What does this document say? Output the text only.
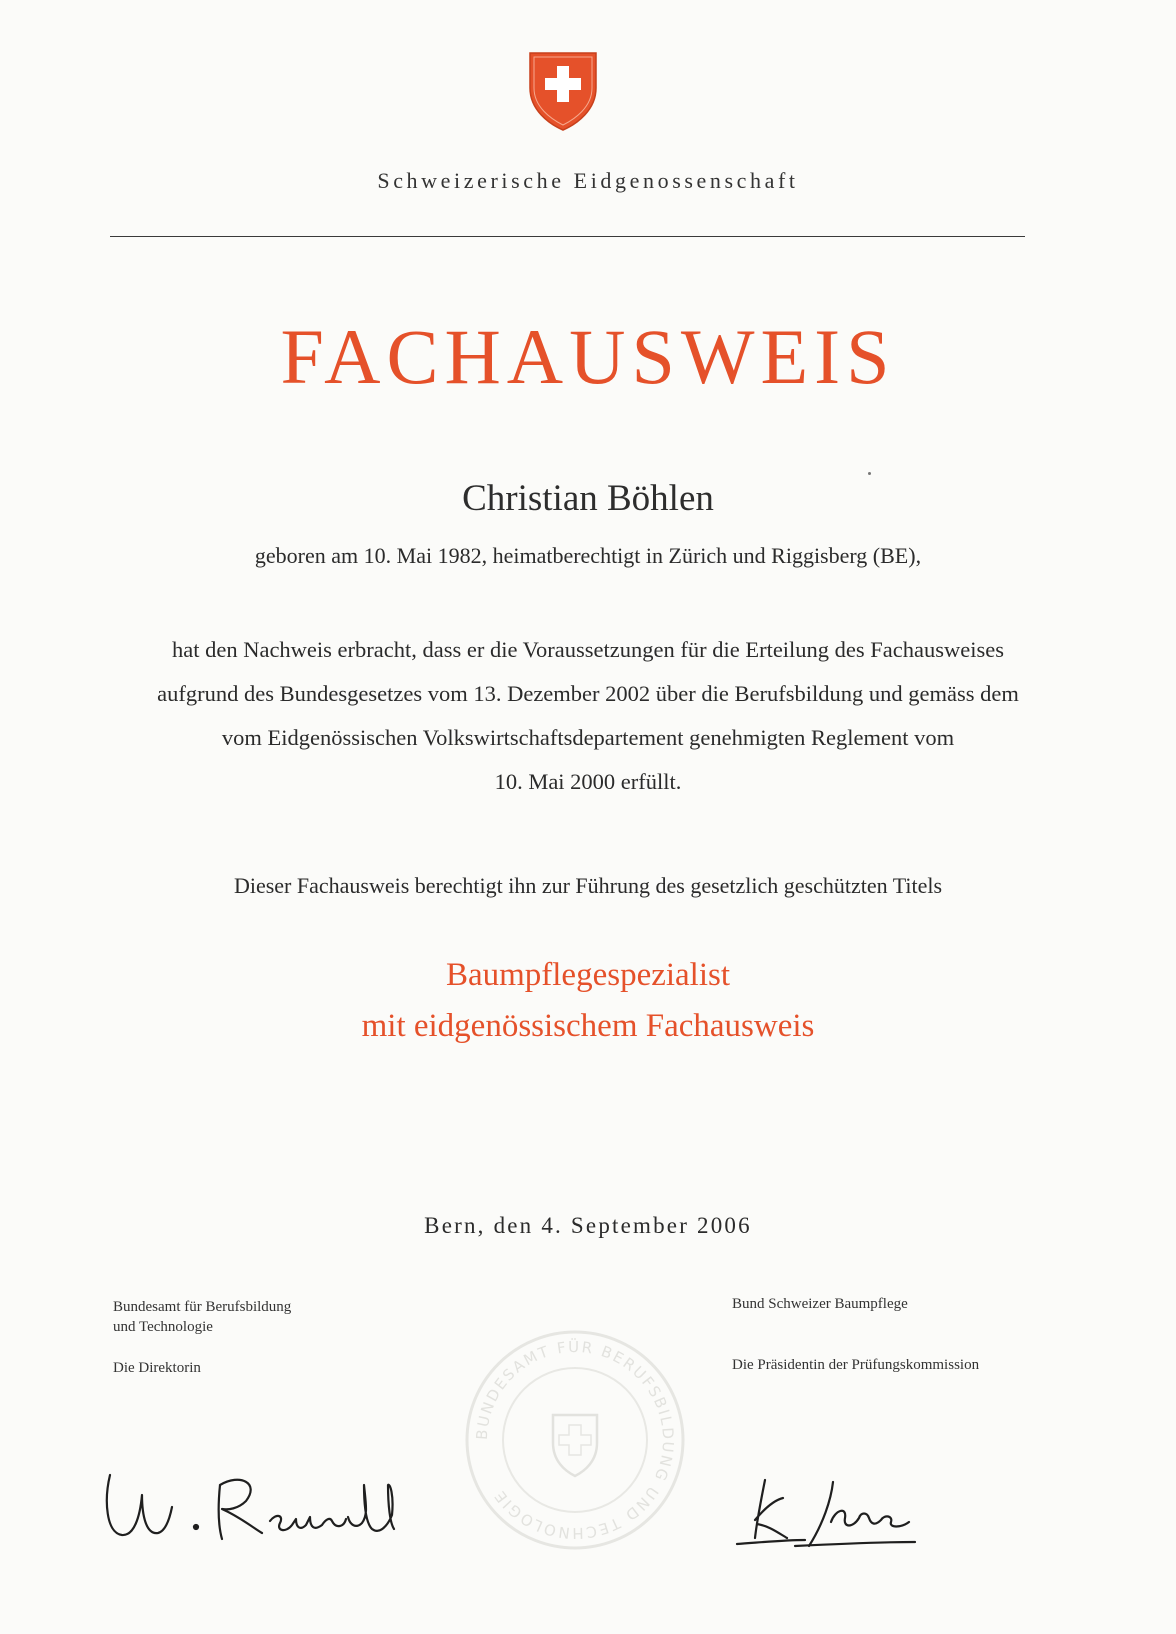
Schweizerische Eidgenossenschaft
FACHAUSWEIS
Christian Böhlen
geboren am 10. Mai 1982, heimatberechtigt in Zürich und Riggisberg (BE),
hat den Nachweis erbracht, dass er die Voraussetzungen für die Erteilung des Fachausweises
aufgrund des Bundesgesetzes vom 13. Dezember 2002 über die Berufsbildung und gemäss dem
vom Eidgenössischen Volkswirtschaftsdepartement genehmigten Reglement vom
10. Mai 2000 erfüllt.
Dieser Fachausweis berechtigt ihn zur Führung des gesetzlich geschützten Titels
Baumpflegespezialist
mit eidgenössischem Fachausweis
Bern, den 4. September 2006
Bundesamt für Berufsbildung
und Technologie
Die Direktorin
Bund Schweizer Baumpflege
Die Präsidentin der Prüfungskommission
BUNDESAMT FÜR BERUFSBILDUNG UND TECHNOLOGIE
